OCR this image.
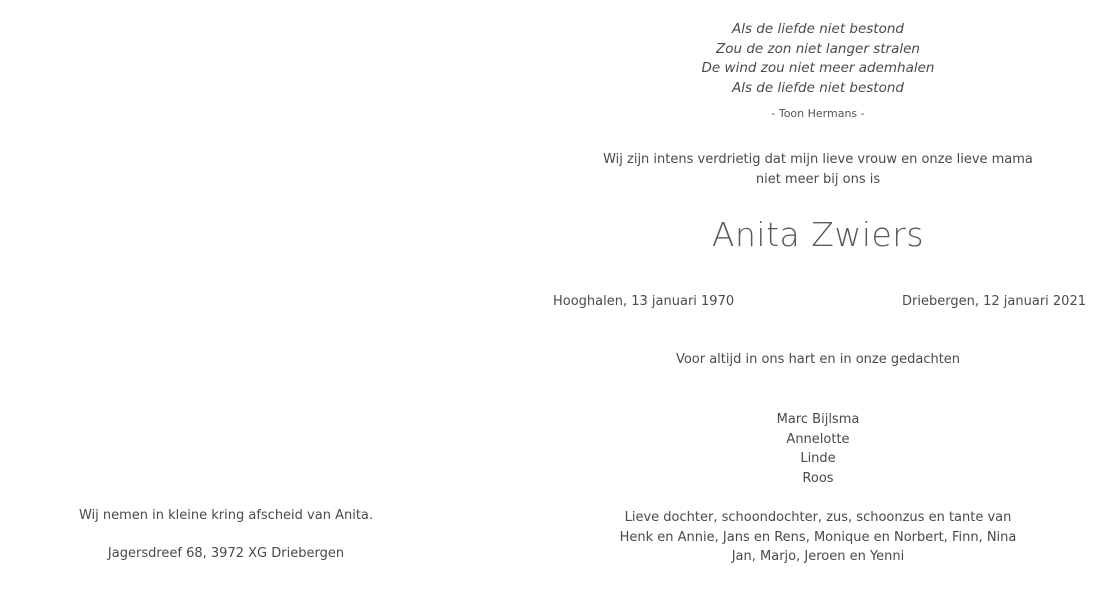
Wij nemen in kleine kring afscheid van Anita.
Jagersdreef 68, 3972 XG Driebergen
Als de liefde niet bestond
Zou de zon niet langer stralen
De wind zou niet meer ademhalen
Als de liefde niet bestond
- Toon Hermans -
Wij zijn intens verdrietig dat mijn lieve vrouw en onze lieve mama
niet meer bij ons is
Anita Zwiers
Hooghalen, 13 januari 1970	Driebergen, 12 januari 2021
Voor altijd in ons hart en in onze gedachten
Marc Bijlsma
Annelotte
Linde
Roos
Lieve dochter, schoondochter, zus, schoonzus en tante van
Henk en Annie, Jans en Rens, Monique en Norbert, Finn, Nina
Jan, Marjo, Jeroen en Yenni
